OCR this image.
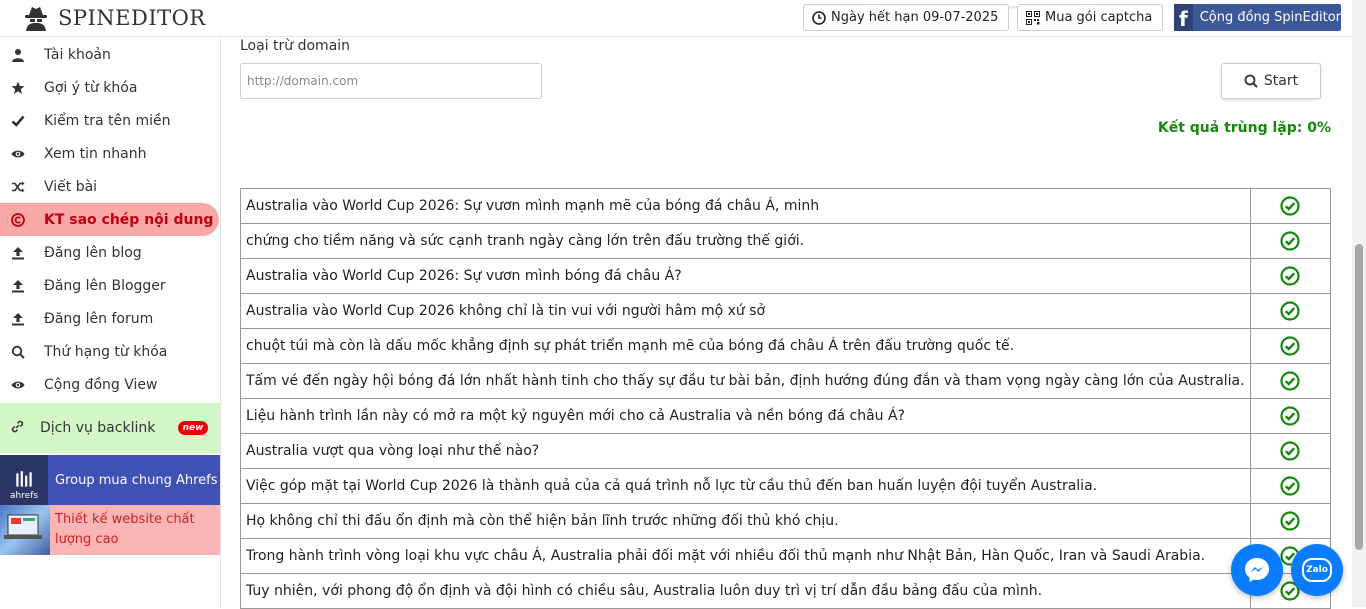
SPINEDITOR	Ngày hết hạn 09-07-2025	Mua gói captcha f Cộng đồng SpinEditor
Tài khoản
Gợi ý từ khóa
Kiểm tra tên miền
Xem tin nhanh
Viết bài
KT sao chép nội dung
Đăng lên blog
Đăng lên Blogger
Đăng lên forum
Thứ hạng từ khóa
Cộng đồng View
Dịch vụ backlink	new
ahrefs
Group mua chung Ahrefs
Thiết kế website chất lượng cao
Loại trừ domain
http://domain.com
Start
Kết quả trùng lặp: 0%
Australia vào World Cup 2026: Sự vươn mình mạnh mẽ của bóng đá châu Á, minh	
chứng cho tiềm năng và sức cạnh tranh ngày càng lớn trên đấu trường thế giới.	
Australia vào World Cup 2026: Sự vươn mình bóng đá châu Á?	
Australia vào World Cup 2026 không chỉ là tin vui với người hâm mộ xứ sở	
chuột túi mà còn là dấu mốc khẳng định sự phát triển mạnh mẽ của bóng đá châu Á trên đấu trường quốc tế.	
Tấm vé đến ngày hội bóng đá lớn nhất hành tinh cho thấy sự đầu tư bài bản, định hướng đúng đắn và tham vọng ngày càng lớn của Australia.	
Liệu hành trình lần này có mở ra một kỷ nguyên mới cho cả Australia và nền bóng đá châu Á?	
Australia vượt qua vòng loại như thế nào?	
Việc góp mặt tại World Cup 2026 là thành quả của cả quá trình nỗ lực từ cầu thủ đến ban huấn luyện đội tuyển Australia.	
Họ không chỉ thi đấu ổn định mà còn thể hiện bản lĩnh trước những đối thủ khó chịu.	
Trong hành trình vòng loại khu vực châu Á, Australia phải đối mặt với nhiều đối thủ mạnh như Nhật Bản, Hàn Quốc, Iran và Saudi Arabia.	
Tuy nhiên, với phong độ ổn định và đội hình có chiều sâu, Australia luôn duy trì vị trí dẫn đầu bảng đấu của mình.	
Zalo
